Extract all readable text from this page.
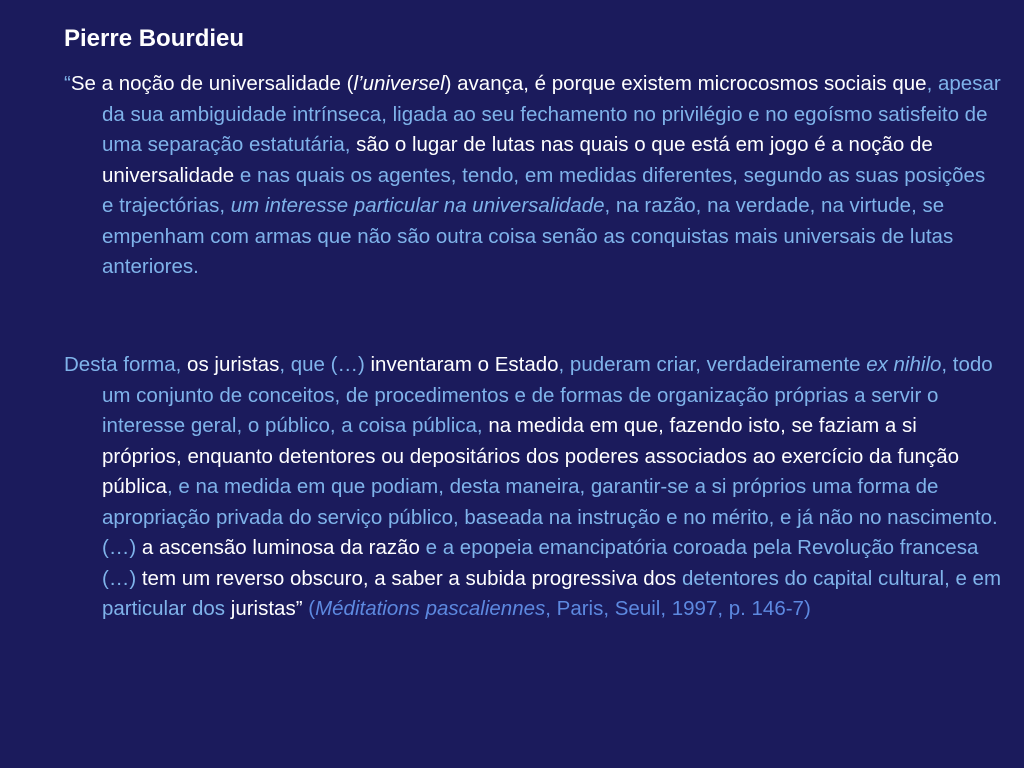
Pierre Bourdieu

“Se a noção de universalidade (l’universel) avança, é porque existem microcosmos sociais que, apesar da sua ambiguidade intrínseca, ligada ao seu fechamento no privilégio e no egoísmo satisfeito de uma separação estatutária, são o lugar de lutas nas quais o que está em jogo é a noção de universalidade e nas quais os agentes, tendo, em medidas diferentes, segundo as suas posições e trajectórias, um interesse particular na universalidade, na razão, na verdade, na virtude, se empenham com armas que não são outra coisa senão as conquistas mais universais de lutas anteriores.

Desta forma, os juristas, que (…) inventaram o Estado, puderam criar, verdadeiramente ex nihilo, todo um conjunto de conceitos, de procedimentos e de formas de organização próprias a servir o interesse geral, o público, a coisa pública, na medida em que, fazendo isto, se faziam a si próprios, enquanto detentores ou depositários dos poderes associados ao exercício da função pública, e na medida em que podiam, desta maneira, garantir-se a si próprios uma forma de apropriação privada do serviço público, baseada na instrução e no mérito, e já não no nascimento. (…) a ascensão luminosa da razão e a epopeia emancipatória coroada pela Revolução francesa (…) tem um reverso obscuro, a saber a subida progressiva dos detentores do capital cultural, e em particular dos juristas” (Méditations pascaliennes, Paris, Seuil, 1997, p. 146-7)
